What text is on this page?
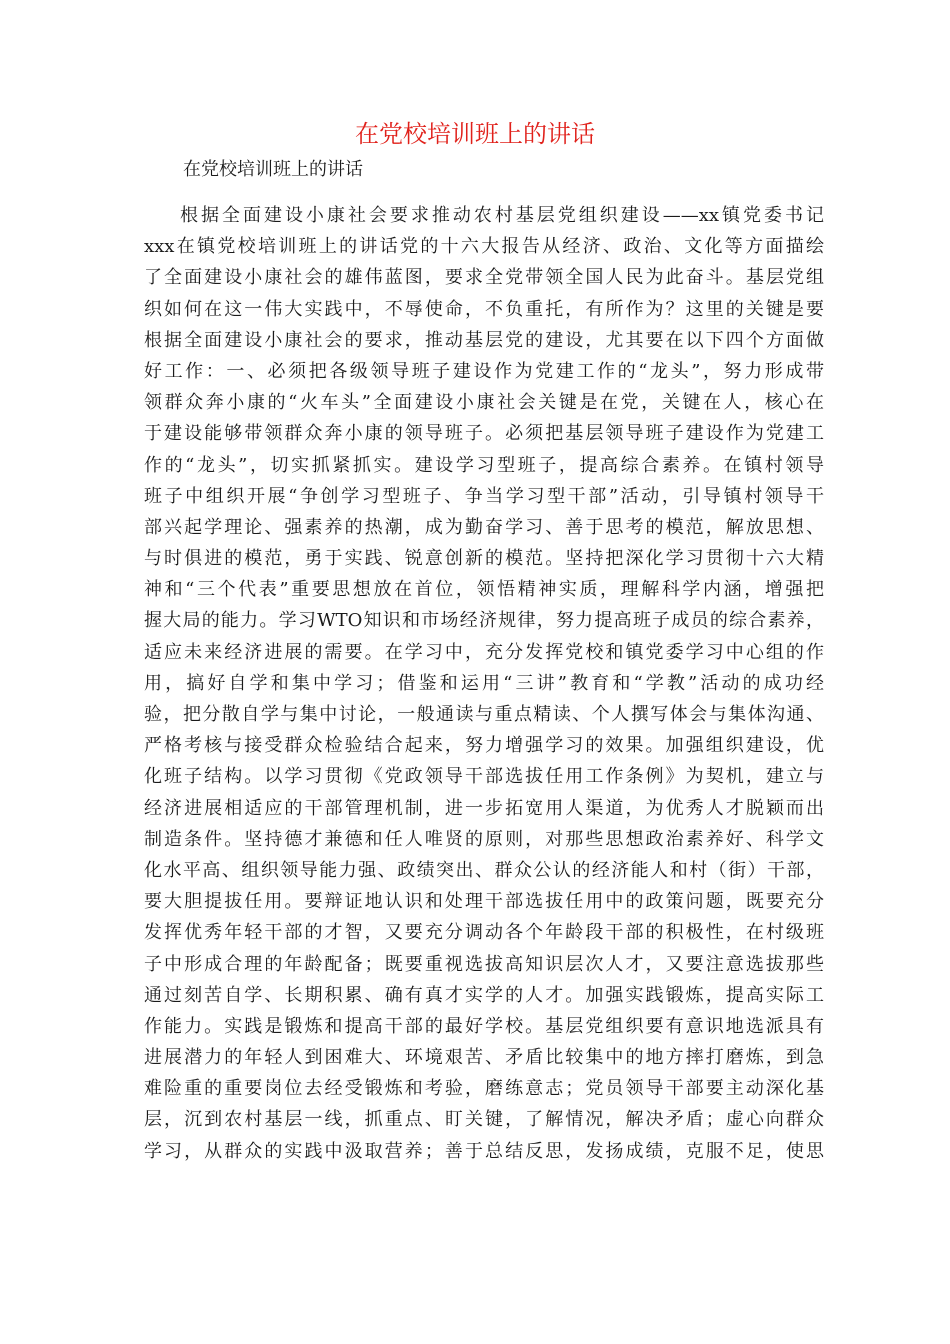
在党校培训班上的讲话
在党校培训班上的讲话
根据全面建设小康社会要求推动农村基层党组织建设——xx镇党委书记
xxx在镇党校培训班上的讲话党的十六大报告从经济、政治、文化等方面描绘
了全面建设小康社会的雄伟蓝图，要求全党带领全国人民为此奋斗。基层党组
织如何在这一伟大实践中，不辱使命，不负重托，有所作为？这里的关键是要
根据全面建设小康社会的要求，推动基层党的建设，尤其要在以下四个方面做
好工作：一、必须把各级领导班子建设作为党建工作的“龙头”，努力形成带
领群众奔小康的“火车头”全面建设小康社会关键是在党，关键在人，核心在
于建设能够带领群众奔小康的领导班子。必须把基层领导班子建设作为党建工
作的“龙头”，切实抓紧抓实。建设学习型班子，提高综合素养。在镇村领导
班子中组织开展“争创学习型班子、争当学习型干部”活动，引导镇村领导干
部兴起学理论、强素养的热潮，成为勤奋学习、善于思考的模范，解放思想、
与时俱进的模范，勇于实践、锐意创新的模范。坚持把深化学习贯彻十六大精
神和“三个代表”重要思想放在首位，领悟精神实质，理解科学内涵，增强把
握大局的能力。学习WTO知识和市场经济规律，努力提高班子成员的综合素养，
适应未来经济进展的需要。在学习中，充分发挥党校和镇党委学习中心组的作
用，搞好自学和集中学习；借鉴和运用“三讲”教育和“学教”活动的成功经
验，把分散自学与集中讨论，一般通读与重点精读、个人撰写体会与集体沟通、
严格考核与接受群众检验结合起来，努力增强学习的效果。加强组织建设，优
化班子结构。以学习贯彻《党政领导干部选拔任用工作条例》为契机，建立与
经济进展相适应的干部管理机制，进一步拓宽用人渠道，为优秀人才脱颖而出
制造条件。坚持德才兼德和任人唯贤的原则，对那些思想政治素养好、科学文
化水平高、组织领导能力强、政绩突出、群众公认的经济能人和村（街）干部，
要大胆提拔任用。要辩证地认识和处理干部选拔任用中的政策问题，既要充分
发挥优秀年轻干部的才智，又要充分调动各个年龄段干部的积极性，在村级班
子中形成合理的年龄配备；既要重视选拔高知识层次人才，又要注意选拔那些
通过刻苦自学、长期积累、确有真才实学的人才。加强实践锻炼，提高实际工
作能力。实践是锻炼和提高干部的最好学校。基层党组织要有意识地选派具有
进展潜力的年轻人到困难大、环境艰苦、矛盾比较集中的地方摔打磨炼，到急
难险重的重要岗位去经受锻炼和考验，磨练意志；党员领导干部要主动深化基
层，沉到农村基层一线，抓重点、盯关键，了解情况，解决矛盾；虚心向群众
学习，从群众的实践中汲取营养；善于总结反思，发扬成绩，克服不足，使思
